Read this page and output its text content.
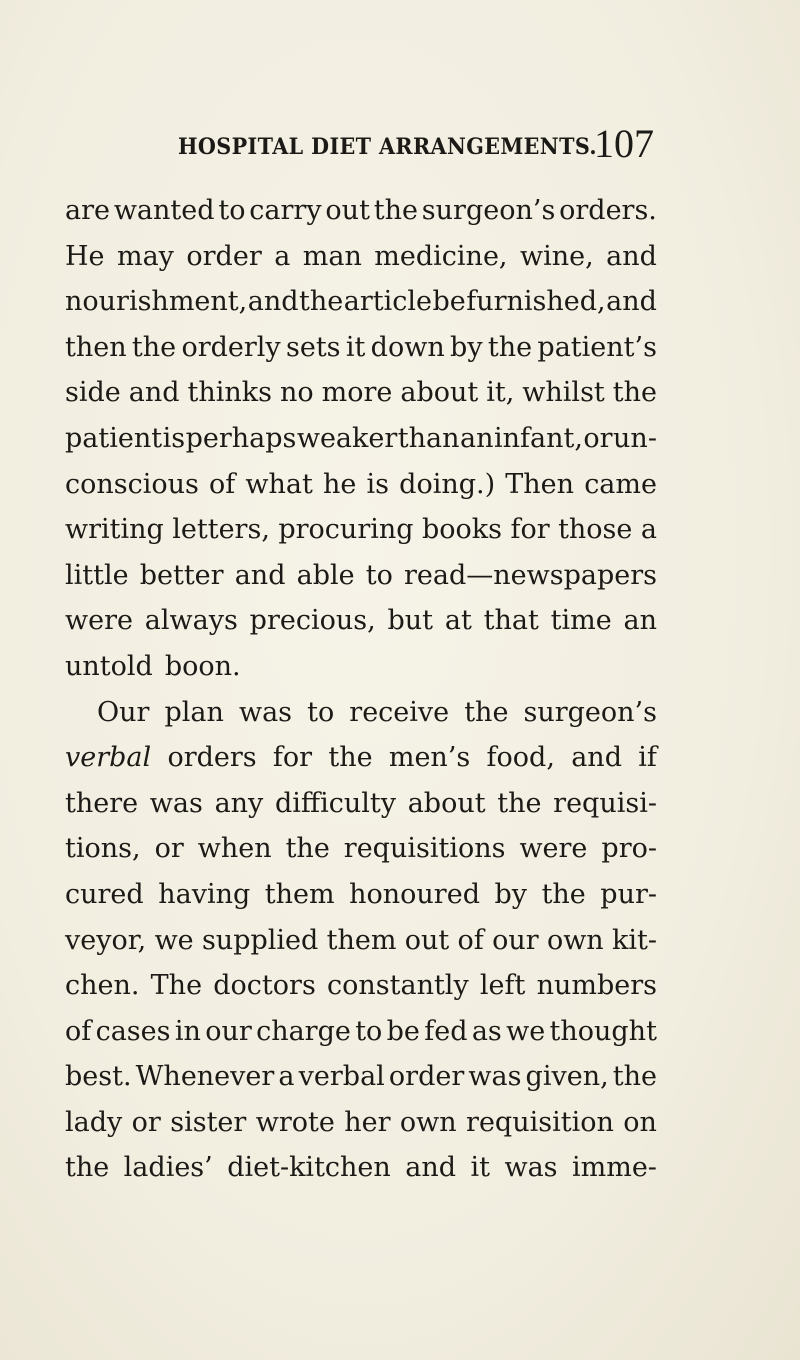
HOSPITAL DIET ARRANGEMENTS.
107
are wanted to carry out the surgeon’s orders.
He may order a man medicine, wine, and
nourishment, and the article be furnished, and
then the orderly sets it down by the patient’s
side and thinks no more about it, whilst the
patient is perhaps weaker than an infant, or un-
conscious of what he is doing.) Then came
writing letters, procuring books for those a
little better and able to read—newspapers
were always precious, but at that time an
untold boon.
Our plan was to receive the surgeon’s
verbal orders for the men’s food, and if
there was any difficulty about the requisi-
tions, or when the requisitions were pro-
cured having them honoured by the pur-
veyor, we supplied them out of our own kit-
chen. The doctors constantly left numbers
of cases in our charge to be fed as we thought
best. Whenever a verbal order was given, the
lady or sister wrote her own requisition on
the ladies’ diet-kitchen and it was imme-
